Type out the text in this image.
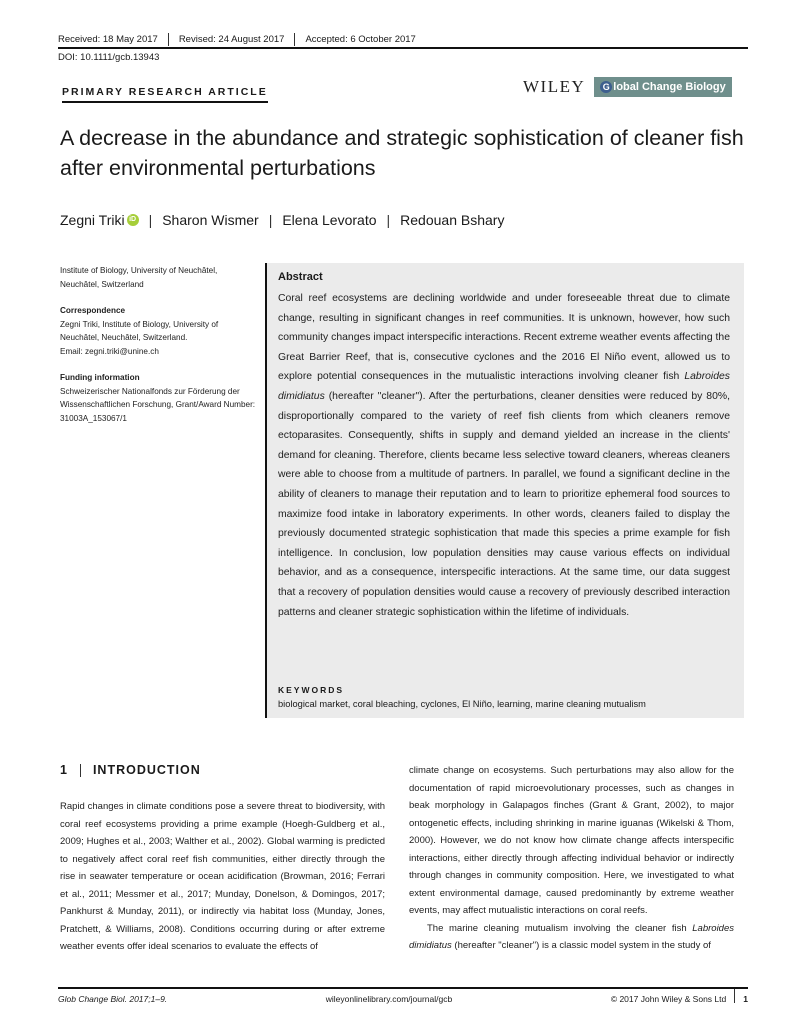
Received: 18 May 2017 Revised: 24 August 2017 Accepted: 6 October 2017
DOI: 10.1111/gcb.13943
PRIMARY RESEARCH ARTICLE	WILEY G lobal Change Biology
A decrease in the abundance and strategic sophistication of cleaner fish after environmental perturbations
Zegni Triki iD | Sharon Wismer | Elena Levorato | Redouan Bshary
Institute of Biology, University of Neuchâtel, Neuchâtel, Switzerland
Correspondence
Zegni Triki, Institute of Biology, University of Neuchâtel, Neuchâtel, Switzerland.
Email: zegni.triki@unine.ch
Funding information
Schweizerischer Nationalfonds zur Förderung der Wissenschaftlichen Forschung, Grant/Award Number: 31003A_153067/1
Abstract
Coral reef ecosystems are declining worldwide and under foreseeable threat due to climate change, resulting in significant changes in reef communities. It is unknown, however, how such community changes impact interspecific interactions. Recent extreme weather events affecting the Great Barrier Reef, that is, consecutive cyclones and the 2016 El Niño event, allowed us to explore potential consequences in the mutualistic interactions involving cleaner fish Labroides dimidiatus (hereafter "cleaner"). After the perturbations, cleaner densities were reduced by 80%, disproportionally compared to the variety of reef fish clients from which cleaners remove ectoparasites. Consequently, shifts in supply and demand yielded an increase in the clients' demand for cleaning. Therefore, clients became less selective toward cleaners, whereas cleaners were able to choose from a multitude of partners. In parallel, we found a significant decline in the ability of cleaners to manage their reputation and to learn to prioritize ephemeral food sources to maximize food intake in laboratory experiments. In other words, cleaners failed to display the previously documented strategic sophistication that made this species a prime example for fish intelligence. In conclusion, low population densities may cause various effects on individual behavior, and as a consequence, interspecific interactions. At the same time, our data suggest that a recovery of population densities would cause a recovery of previously described interaction patterns and cleaner strategic sophistication within the lifetime of individuals.
KEYWORDS
biological market, coral bleaching, cyclones, El Niño, learning, marine cleaning mutualism
1 INTRODUCTION

Rapid changes in climate conditions pose a severe threat to biodiversity, with coral reef ecosystems providing a prime example (Hoegh-Guldberg et al., 2009; Hughes et al., 2003; Walther et al., 2002). Global warming is predicted to negatively affect coral reef fish communities, either directly through the rise in seawater temperature or ocean acidification (Browman, 2016; Ferrari et al., 2011; Messmer et al., 2017; Munday, Donelson, & Domingos, 2017; Pankhurst & Munday, 2011), or indirectly via habitat loss (Munday, Jones, Pratchett, & Williams, 2008). Conditions occurring during or after extreme weather events offer ideal scenarios to evaluate the effects of

climate change on ecosystems. Such perturbations may also allow for the documentation of rapid microevolutionary processes, such as changes in beak morphology in Galapagos finches (Grant & Grant, 2002), to major ontogenetic effects, including shrinking in marine iguanas (Wikelski & Thom, 2000). However, we do not know how climate change affects interspecific interactions, either directly through affecting individual behavior or indirectly through changes in community composition. Here, we investigated to what extent environmental damage, caused predominantly by extreme weather events, may affect mutualistic interactions on coral reefs.

The marine cleaning mutualism involving the cleaner fish Labroides dimidiatus (hereafter "cleaner") is a classic model system in the study of

Glob Change Biol. 2017;1–9.	wileyonlinelibrary.com/journal/gcb	© 2017 John Wiley & Sons Ltd 1
